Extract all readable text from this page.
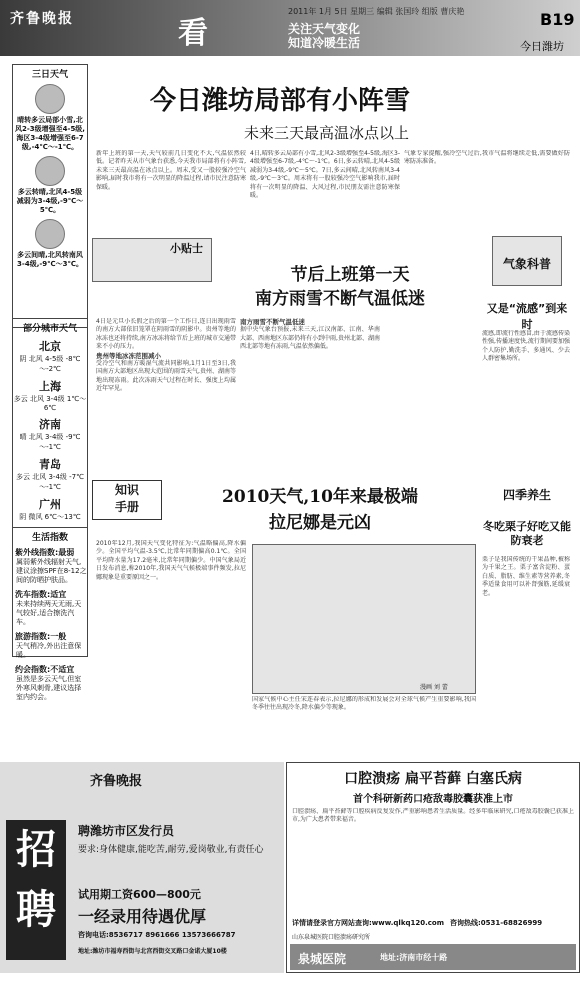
齐鲁晚报	看天
2011年 1月 5日 星期三 编辑 张国玲 组版 曹庆艳
关注天气变化
知道冷暖生活
B19
今日潍坊
三日天气
晴转多云局部小雪,北风2-3级增强至4-5级,海区3-4级增强至6-7级,-4℃～-1℃。
多云转晴,北风4-5级减弱为3-4级,-9℃～5℃。
多云间晴,北风转南风3-4级,-9℃～3℃。
部分城市天气
北京
阴 北风 4-5级 -8℃～-2℃
上海
多云 北风 3-4级 1℃～6℃
济南
晴 北风 3-4级 -9℃～-1℃
青岛
多云 北风 3-4级 -7℃～-1℃
广州
阴 微风 6℃～13℃
生活指数
紫外线指数:最弱
属弱紫外线辐射天气,建议涂擦SPF在8-12之间的防晒护肤品。
洗车指数:适宜
未来持续两天无雨,天气较好,适合擦洗汽车。
旅游指数:一般
天气稍冷,外出注意保暖。
约会指数:不适宜
虽然是多云天气,但室外寒风刺骨,建议选择室内约会。
今日潍坊局部有小阵雪
未来三天最高温冰点以上
新年上班的第一天,天气较前几日变化不大,气温依然较低。记者昨天从市气象台获悉,今天我市局部将有小阵雪,未来三天最高温在冰点以上。周末,受又一股较强冷空气影响,届时我市将有一次明显的降温过程,请市民注意防寒保暖。
4日,晴转多云局部有小雪,北风2-3级增强至4-5级,海区3-4级增强至6-7级,-4℃～-1℃。6日,多云转晴,北风4-5级减弱为3-4级,-9℃～5℃。7日,多云间晴,北风转南风3-4级,-9℃～3℃。周末将有一股较强冷空气影响我市,届时将有一次明显的降温、大风过程,市民朋友需注意防寒保暖。
气象专家提醒,强冷空气过后,我市气温将继续走低,需要做好防寒防冻准备。
小贴士
节后上班第一天
南方雨雪不断气温低迷
4日是元旦小长假之后的第一个工作日,连日出现雨雪的南方大部依旧笼罩在阴雨雪的阴影中。贵州等地的冰冻也还将持续,南方冰冻将给节后上班的城市交通带来不小的压力。
贵州等地冰冻范围减小
受冷空气和南方暖湿气流共同影响,1月1日至3日,我国南方大部地区出现大范围的雨雪天气,贵州、湖南等地出现冻雨。此次冻雨天气过程在时长、强度上均属近年罕见。
南方雨雪不断气温低迷
据中央气象台预报,未来三天,江汉南部、江南、华南大部、西南地区东部仍将有小到中雨,贵州北部、湖南西北部等地有冻雨,气温依然偏低。
气象科普
又是“流感”到来时
流感,即流行性感冒,由于流感传染性强,传播速度快,流行期间要加强个人防护,勤洗手、多通风、少去人群密集场所。
知识
手册	2010天气,10年来最极端
拉尼娜是元凶
2010年12月,我国天气变化特征为:气温略偏高,降水偏少。全国平均气温-3.5℃,比常年同期偏高0.1℃。全国平均降水量为17.2毫米,比常年同期偏少。中国气象局近日发布消息,称2010年,我国天气气候极端事件频发,拉尼娜现象是重要原因之一。
漫画 刘 蕾
国家气候中心主任宋连春表示,拉尼娜的形成和发展会对全球气候产生重要影响,我国冬季往往出现冷冬,降水偏少等现象。
四季养生
冬吃栗子好吃又能防衰老
栗子是我国传统的干果品种,被称为千果之王。栗子富含淀粉、蛋白质、脂肪、维生素等营养素,冬季适量食用可以补肾强筋,延缓衰老。
齐鲁晚报
招聘
聘潍坊市区发行员
要求:身体健康,能吃苦,耐劳,爱岗敬业,有责任心
试用期工资600—800元
一经录用待遇优厚
咨询电话:8536717 8961666 13573666787
地址:潍坊市福寿西街与北宫西街交叉路口金诺大厦10楼
口腔溃疡 扁平苔藓 白塞氏病
首个科研新药口疮敌毒胶囊获准上市
口腔溃疡、扁平苔藓等口腔疾病反复发作,严重影响患者生活质量。经多年临床研究,口疮敌毒胶囊已获准上市,为广大患者带来福音。
详情请登录官方网站查询:www.qlkq120.com 咨询热线:0531-68826999
山东泉城医院口腔溃疡研究所
泉城医院	地址:济南市经十路
